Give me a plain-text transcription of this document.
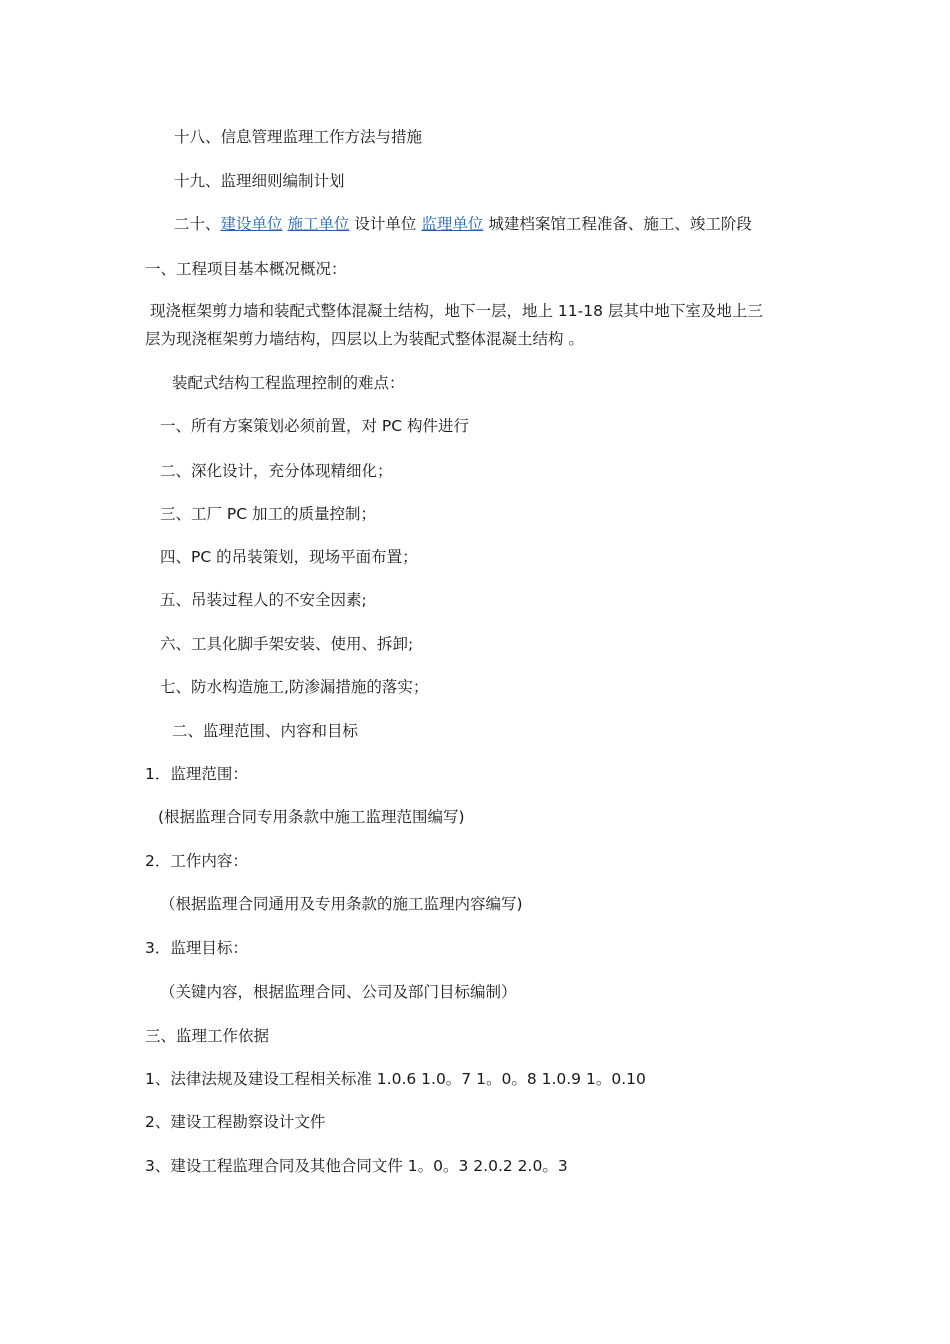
十八、信息管理监理工作方法与措施
十九、监理细则编制计划
二十、建设单位 施工单位 设计单位 监理单位 城建档案馆工程准备、施工、竣工阶段
一、工程项目基本概况概况：
现浇框架剪力墙和装配式整体混凝土结构，地下一层，地上 11-18 层其中地下室及地上三
层为现浇框架剪力墙结构，四层以上为装配式整体混凝土结构 。
装配式结构工程监理控制的难点：
一、所有方案策划必须前置，对 PC 构件进行
二、深化设计，充分体现精细化；
三、工厂 PC 加工的质量控制；
四、PC 的吊装策划，现场平面布置；
五、吊装过程人的不安全因素;
六、工具化脚手架安装、使用、拆卸;
七、防水构造施工,防渗漏措施的落实；
二、监理范围、内容和目标
1．监理范围：
(根据监理合同专用条款中施工监理范围编写)
2．工作内容：
（根据监理合同通用及专用条款的施工监理内容编写)
3．监理目标：
（关键内容，根据监理合同、公司及部门目标编制）
三、监理工作依据
1、法律法规及建设工程相关标准 1.0.6 1.0。7 1。0。8 1.0.9 1。0.10
2、建设工程勘察设计文件
3、建设工程监理合同及其他合同文件 1。0。3 2.0.2 2.0。3
